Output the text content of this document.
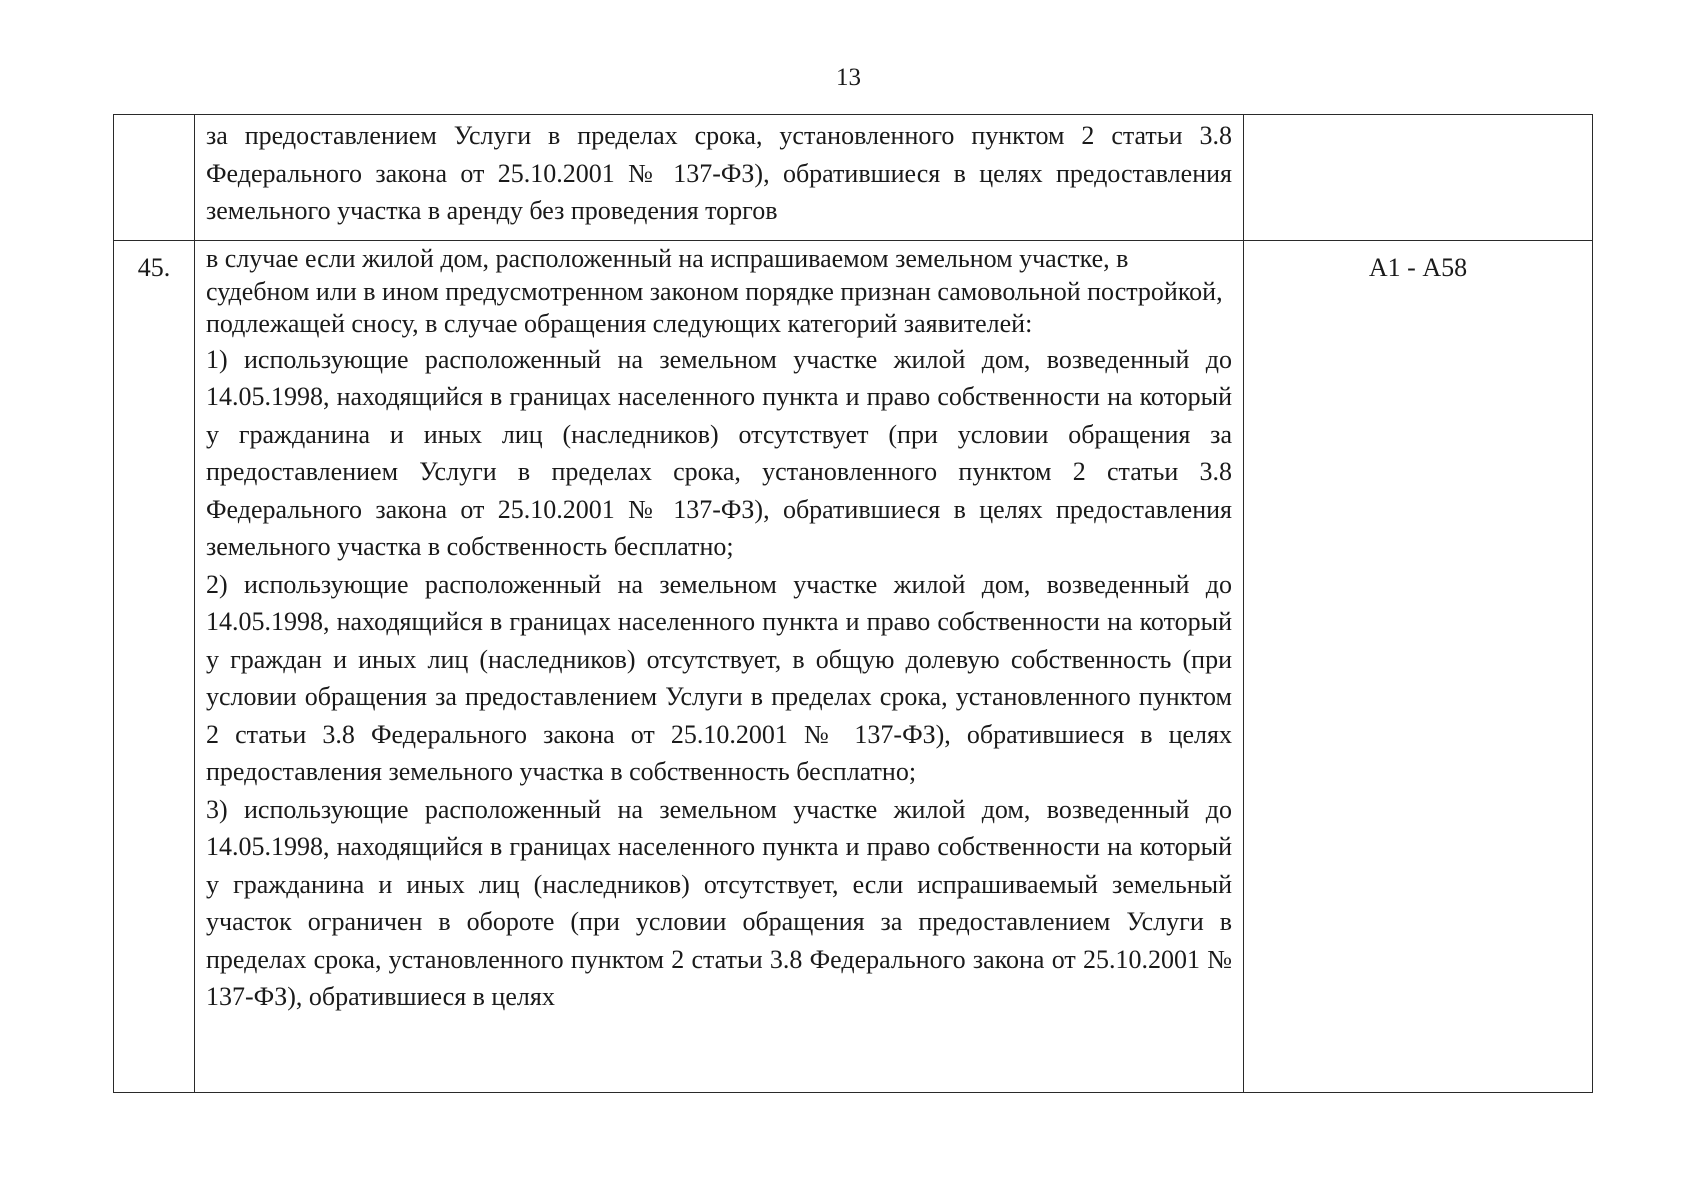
13

	за предоставлением Услуги в пределах срока, установленного пунктом 2 статьи 3.8 Федерального закона от 25.10.2001 № 137-ФЗ), обратившиеся в целях предоставления земельного участка в аренду без проведения торгов	

45.	в случае если жилой дом, расположенный на испрашиваемом земельном участке, в судебном или в ином предусмотренном законом порядке признан самовольной постройкой, подлежащей сносу, в случае обращения следующих категорий заявителей:

1) использующие расположенный на земельном участке жилой дом, возведенный до 14.05.1998, находящийся в границах населенного пункта и право собственности на который у гражданина и иных лиц (наследников) отсутствует (при условии обращения за предоставлением Услуги в пределах срока, установленного пунктом 2 статьи 3.8 Федерального закона от 25.10.2001 № 137-ФЗ), обратившиеся в целях предоставления земельного участка в собственность бесплатно;

2) использующие расположенный на земельном участке жилой дом, возведенный до 14.05.1998, находящийся в границах населенного пункта и право собственности на который у граждан и иных лиц (наследников) отсутствует, в общую долевую собственность (при условии обращения за предоставлением Услуги в пределах срока, установленного пунктом 2 статьи 3.8 Федерального закона от 25.10.2001 № 137-ФЗ), обратившиеся в целях предоставления земельного участка в собственность бесплатно;

3) использующие расположенный на земельном участке жилой дом, возведенный до 14.05.1998, находящийся в границах населенного пункта и право собственности на который у гражданина и иных лиц (наследников) отсутствует, если испрашиваемый земельный участок ограничен в обороте (при условии обращения за предоставлением Услуги в пределах срока, установленного пунктом 2 статьи 3.8 Федерального закона от 25.10.2001 № 137-ФЗ), обратившиеся в целях	А1 - А58
